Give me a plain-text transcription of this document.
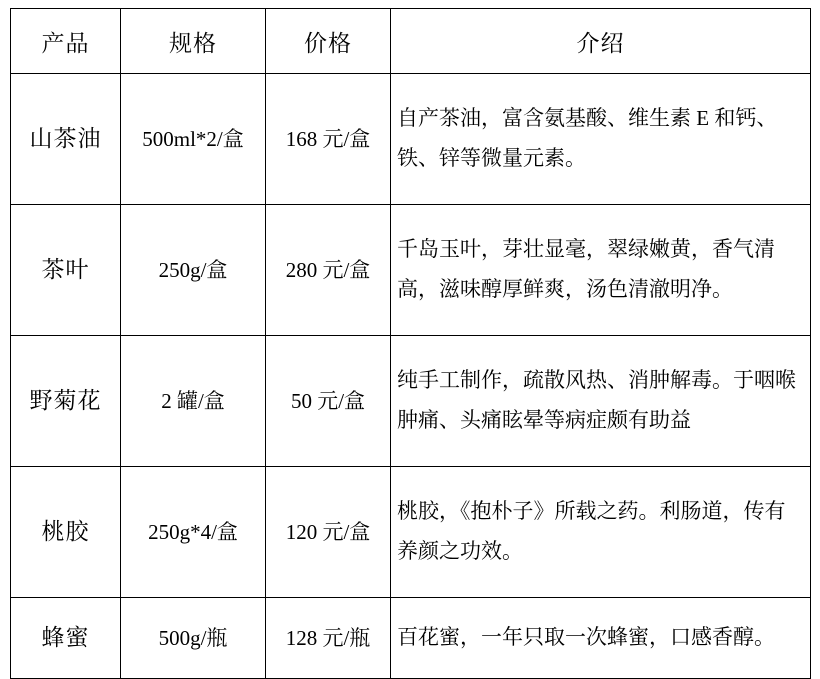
产品	规格	价格	介绍
山茶油	500ml*2/盒	168 元/盒	自产茶油，富含氨基酸、维生素 E 和钙、铁、锌等微量元素。
茶叶	250g/盒	280 元/盒	千岛玉叶，芽壮显毫，翠绿嫩黄，香气清高，滋味醇厚鲜爽，汤色清澈明净。
野菊花	2 罐/盒	50 元/盒	纯手工制作，疏散风热、消肿解毒。于咽喉肿痛、头痛眩晕等病症颇有助益
桃胶	250g*4/盒	120 元/盒	桃胶，《抱朴子》所载之药。利肠道，传有养颜之功效。
蜂蜜	500g/瓶	128 元/瓶	百花蜜，一年只取一次蜂蜜，口感香醇。
